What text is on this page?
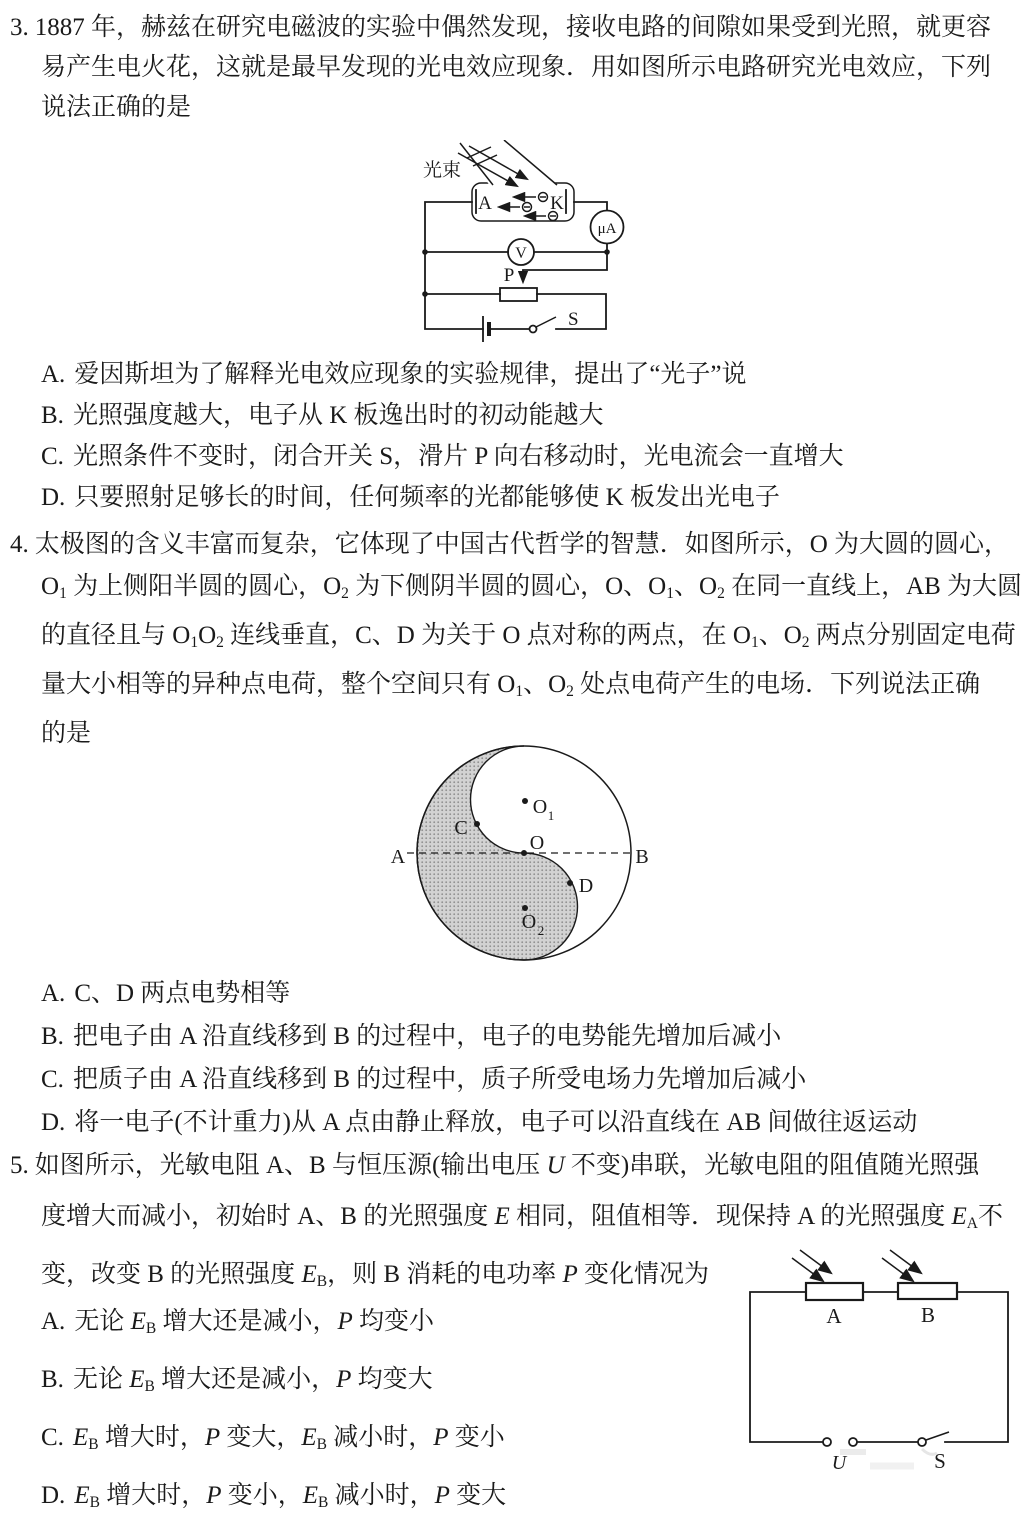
3. 1887 年，赫兹在研究电磁波的实验中偶然发现，接收电路的间隙如果受到光照，就更容
易产生电火花，这就是最早发现的光电效应现象．用如图所示电路研究光电效应，下列
说法正确的是
光束
A	K
μA
V
P
S
A. 爱因斯坦为了解释光电效应现象的实验规律，提出了“光子”说
B. 光照强度越大，电子从 K 板逸出时的初动能越大
C. 光照条件不变时，闭合开关 S，滑片 P 向右移动时，光电流会一直增大
D. 只要照射足够长的时间，任何频率的光都能够使 K 板发出光电子
4. 太极图的含义丰富而复杂，它体现了中国古代哲学的智慧．如图所示，O 为大圆的圆心，
O1 为上侧阳半圆的圆心，O2 为下侧阴半圆的圆心，O、O1、O2 在同一直线上，AB 为大圆
的直径且与 O1O2 连线垂直，C、D 为关于 O 点对称的两点，在 O1、O2 两点分别固定电荷
量大小相等的异种点电荷，整个空间只有 O1、O2 处点电荷产生的电场．下列说法正确
的是
A	B
C
D
O
O 1
O 2
A. C、D 两点电势相等
B. 把电子由 A 沿直线移到 B 的过程中，电子的电势能先增加后减小
C. 把质子由 A 沿直线移到 B 的过程中，质子所受电场力先增加后减小
D. 将一电子(不计重力)从 A 点由静止释放，电子可以沿直线在 AB 间做往返运动
5. 如图所示，光敏电阻 A、B 与恒压源(输出电压 U 不变)串联，光敏电阻的阻值随光照强
度增大而减小，初始时 A、B 的光照强度 E 相同，阻值相等．现保持 A 的光照强度 EA不
变，改变 B 的光照强度 EB，则 B 消耗的电功率 P 变化情况为
A. 无论 EB 增大还是减小，P 均变小
B. 无论 EB 增大还是减小，P 均变大
C. EB 增大时，P 变大，EB 减小时，P 变小
D. EB 增大时，P 变小，EB 减小时，P 变大
A	B
U	S
